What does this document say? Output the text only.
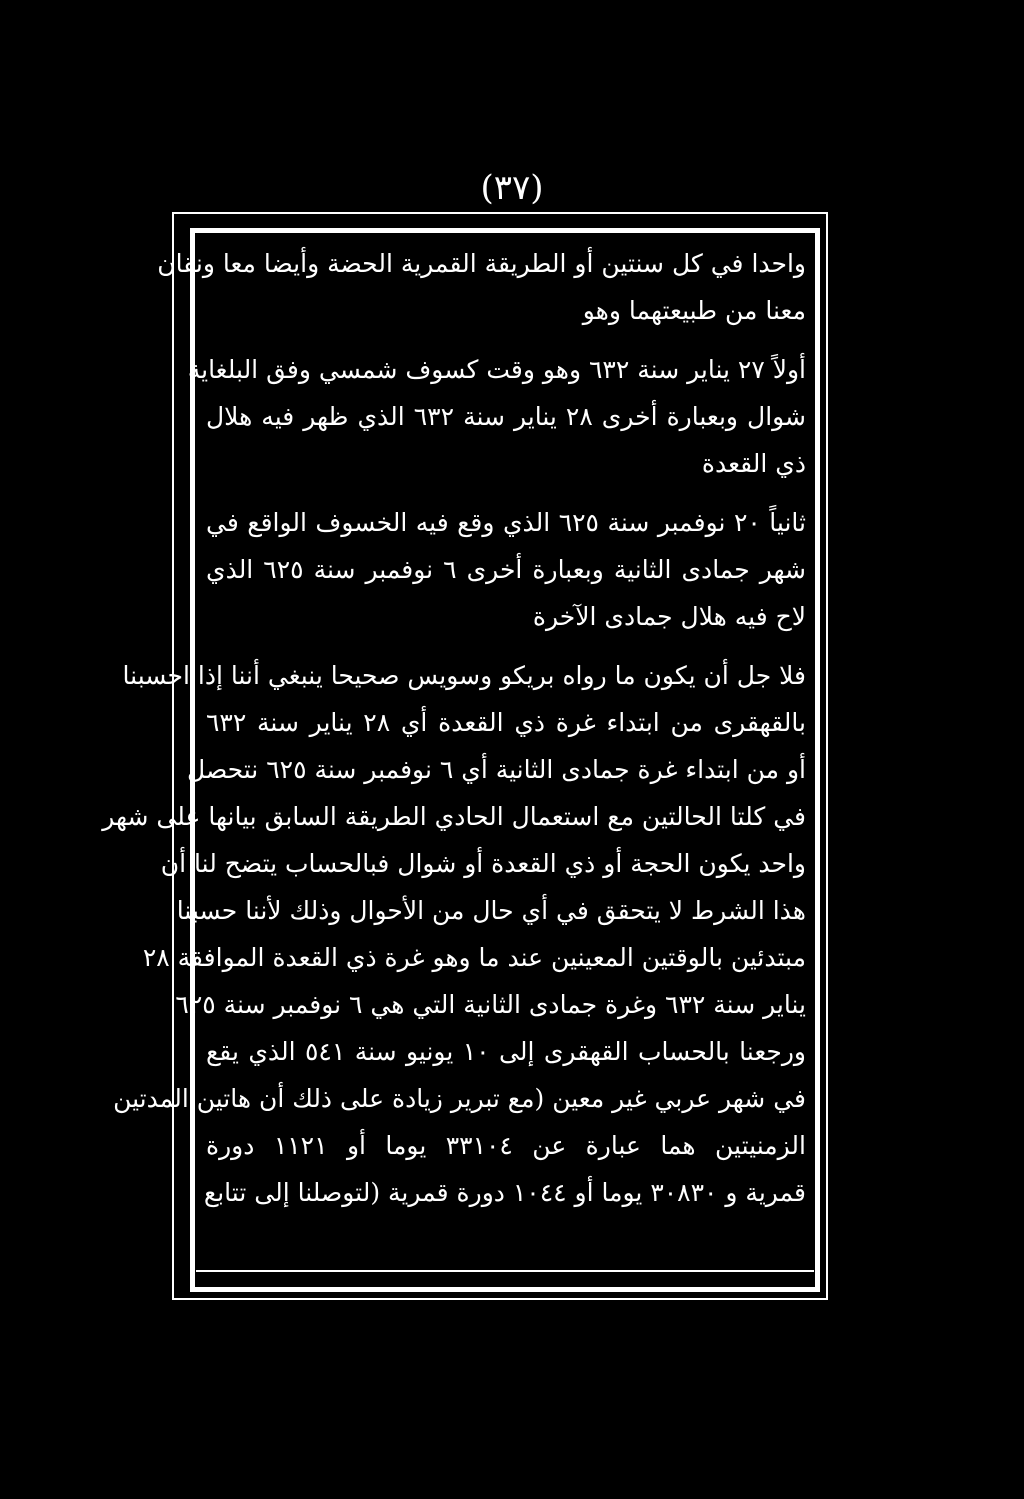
(٣٧)
واحدا في كل سنتين أو الطريقة القمرية الحضة وأيضا معا ونقان
معنا من طبيعتهما وهو
أولاً ٢٧ يناير سنة ٦٣٢ وهو وقت كسوف شمسي وفق البلغاية
شوال وبعبارة أخرى ٢٨ يناير سنة ٦٣٢ الذي ظهر فيه هلال
ذي القعدة
ثانياً ٢٠ نوفمبر سنة ٦٢٥ الذي وقع فيه الخسوف الواقع في
شهر جمادى الثانية وبعبارة أخرى ٦ نوفمبر سنة ٦٢٥ الذي
لاح فيه هلال جمادى الآخرة
فلا جل أن يكون ما رواه بريكو وسويس صحيحا ينبغي أننا إذا احسبنا
بالقهقرى من ابتداء غرة ذي القعدة أي ٢٨ يناير سنة ٦٣٢
أو من ابتداء غرة جمادى الثانية أي ٦ نوفمبر سنة ٦٢٥ نتحصل
في كلتا الحالتين مع استعمال الحادي الطريقة السابق بيانها على شهر
واحد يكون الحجة أو ذي القعدة أو شوال فبالحساب يتضح لنا أن
هذا الشرط لا يتحقق في أي حال من الأحوال وذلك لأننا حسبنا
مبتدئين بالوقتين المعينين عند ما وهو غرة ذي القعدة الموافقة ٢٨
يناير سنة ٦٣٢ وغرة جمادى الثانية التي هي ٦ نوفمبر سنة ٦٢٥
ورجعنا بالحساب القهقرى إلى ١٠ يونيو سنة ٥٤١ الذي يقع
في شهر عربي غير معين (مع تبرير زيادة على ذلك أن هاتين المدتين
الزمنيتين هما عبارة عن ٣٣١٠٤ يوما أو ١١٢١ دورة
قمرية و ٣٠٨٣٠ يوما أو ١٠٤٤ دورة قمرية (لتوصلنا إلى تتابع
